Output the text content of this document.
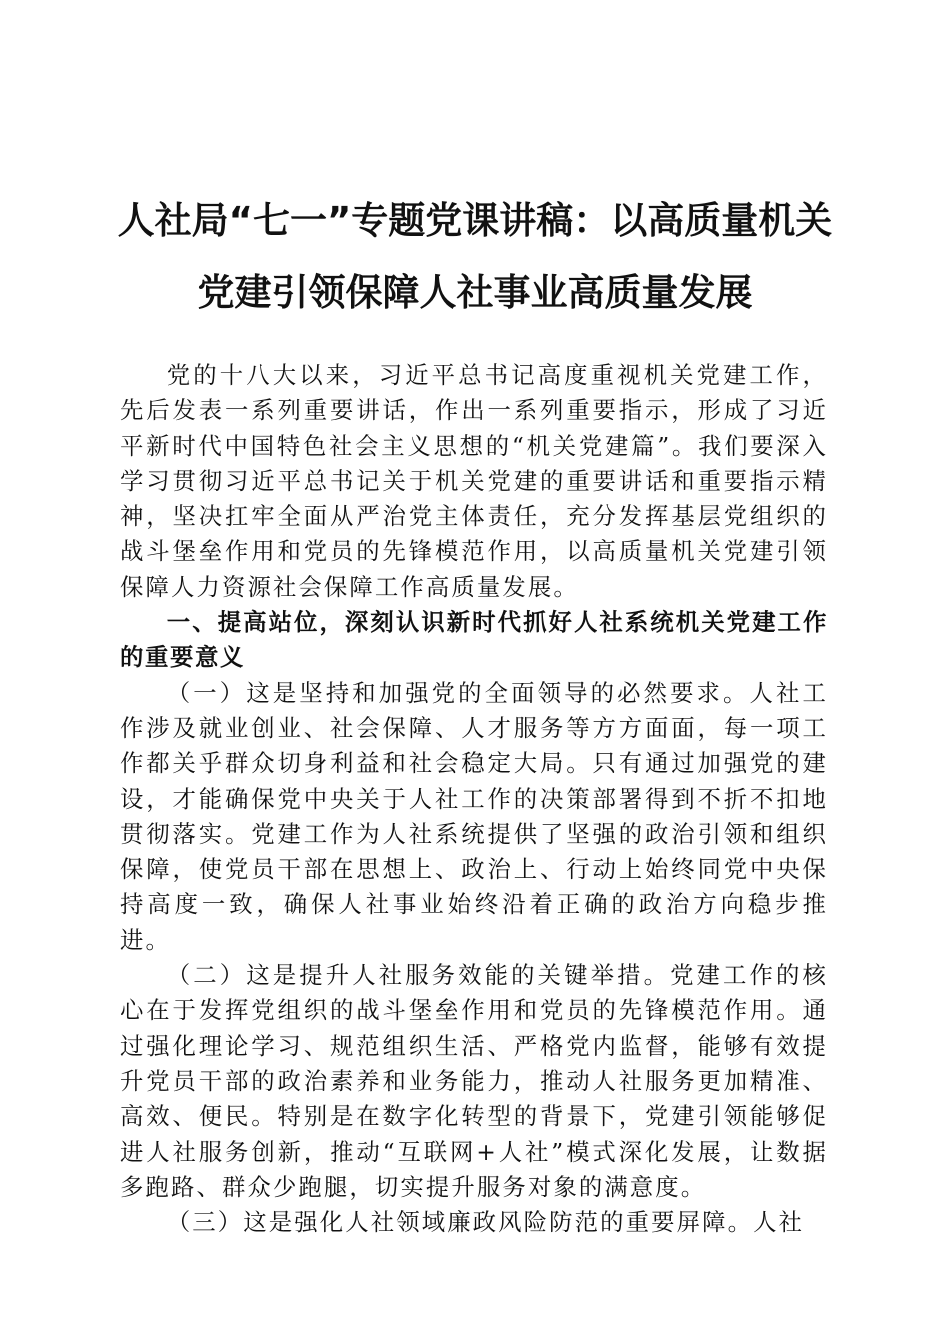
人社局“七一”专题党课讲稿：以高质量机关
党建引领保障人社事业高质量发展

党的十八大以来，习近平总书记高度重视机关党建工作，先后发表一系列重要讲话，作出一系列重要指示，形成了习近平新时代中国特色社会主义思想的“机关党建篇”。我们要深入学习贯彻习近平总书记关于机关党建的重要讲话和重要指示精神，坚决扛牢全面从严治党主体责任，充分发挥基层党组织的战斗堡垒作用和党员的先锋模范作用，以高质量机关党建引领保障人力资源社会保障工作高质量发展。

一、提高站位，深刻认识新时代抓好人社系统机关党建工作的重要意义

（一）这是坚持和加强党的全面领导的必然要求。人社工作涉及就业创业、社会保障、人才服务等方方面面，每一项工作都关乎群众切身利益和社会稳定大局。只有通过加强党的建设，才能确保党中央关于人社工作的决策部署得到不折不扣地贯彻落实。党建工作为人社系统提供了坚强的政治引领和组织保障，使党员干部在思想上、政治上、行动上始终同党中央保持高度一致，确保人社事业始终沿着正确的政治方向稳步推进。

（二）这是提升人社服务效能的关键举措。党建工作的核心在于发挥党组织的战斗堡垒作用和党员的先锋模范作用。通过强化理论学习、规范组织生活、严格党内监督，能够有效提升党员干部的政治素养和业务能力，推动人社服务更加精准、高效、便民。特别是在数字化转型的背景下，党建引领能够促进人社服务创新，推动“互联网+人社”模式深化发展，让数据多跑路、群众少跑腿，切实提升服务对象的满意度。

（三）这是强化人社领域廉政风险防范的重要屏障。人社
